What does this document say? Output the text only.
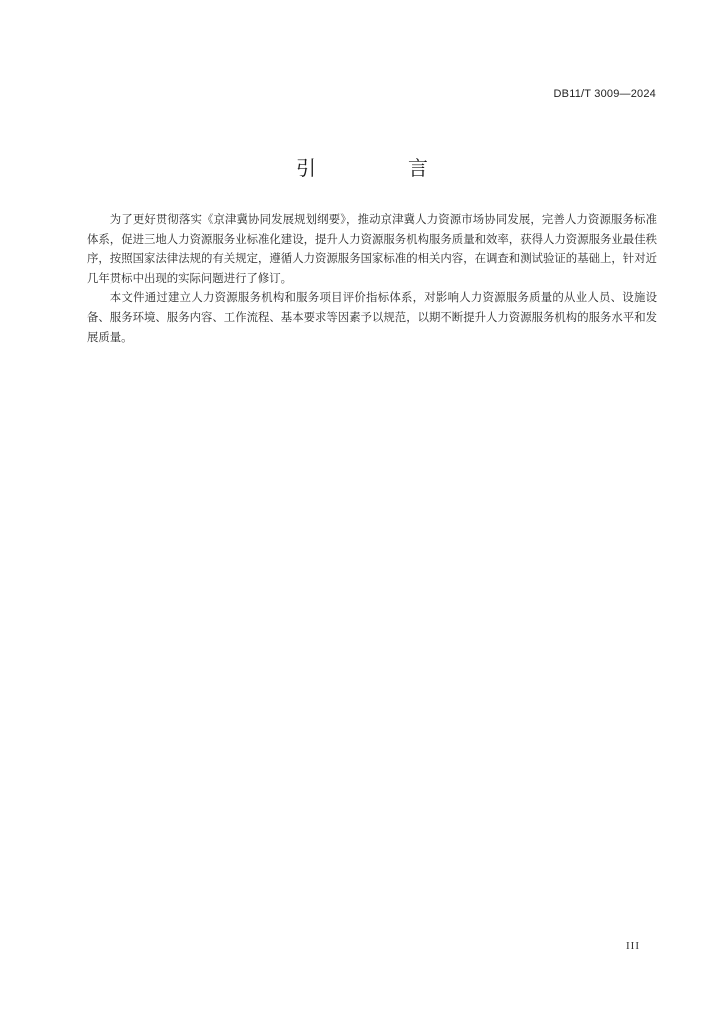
DB11/T 3009—2024
引　言

为了更好贯彻落实《京津冀协同发展规划纲要》，推动京津冀人力资源市场协同发展，完善人力资源服务标准体系，促进三地人力资源服务业标准化建设，提升人力资源服务机构服务质量和效率，获得人力资源服务业最佳秩序，按照国家法律法规的有关规定，遵循人力资源服务国家标准的相关内容，在调查和测试验证的基础上，针对近几年贯标中出现的实际问题进行了修订。

本文件通过建立人力资源服务机构和服务项目评价指标体系，对影响人力资源服务质量的从业人员、设施设备、服务环境、服务内容、工作流程、基本要求等因素予以规范，以期不断提升人力资源服务机构的服务水平和发展质量。

III
